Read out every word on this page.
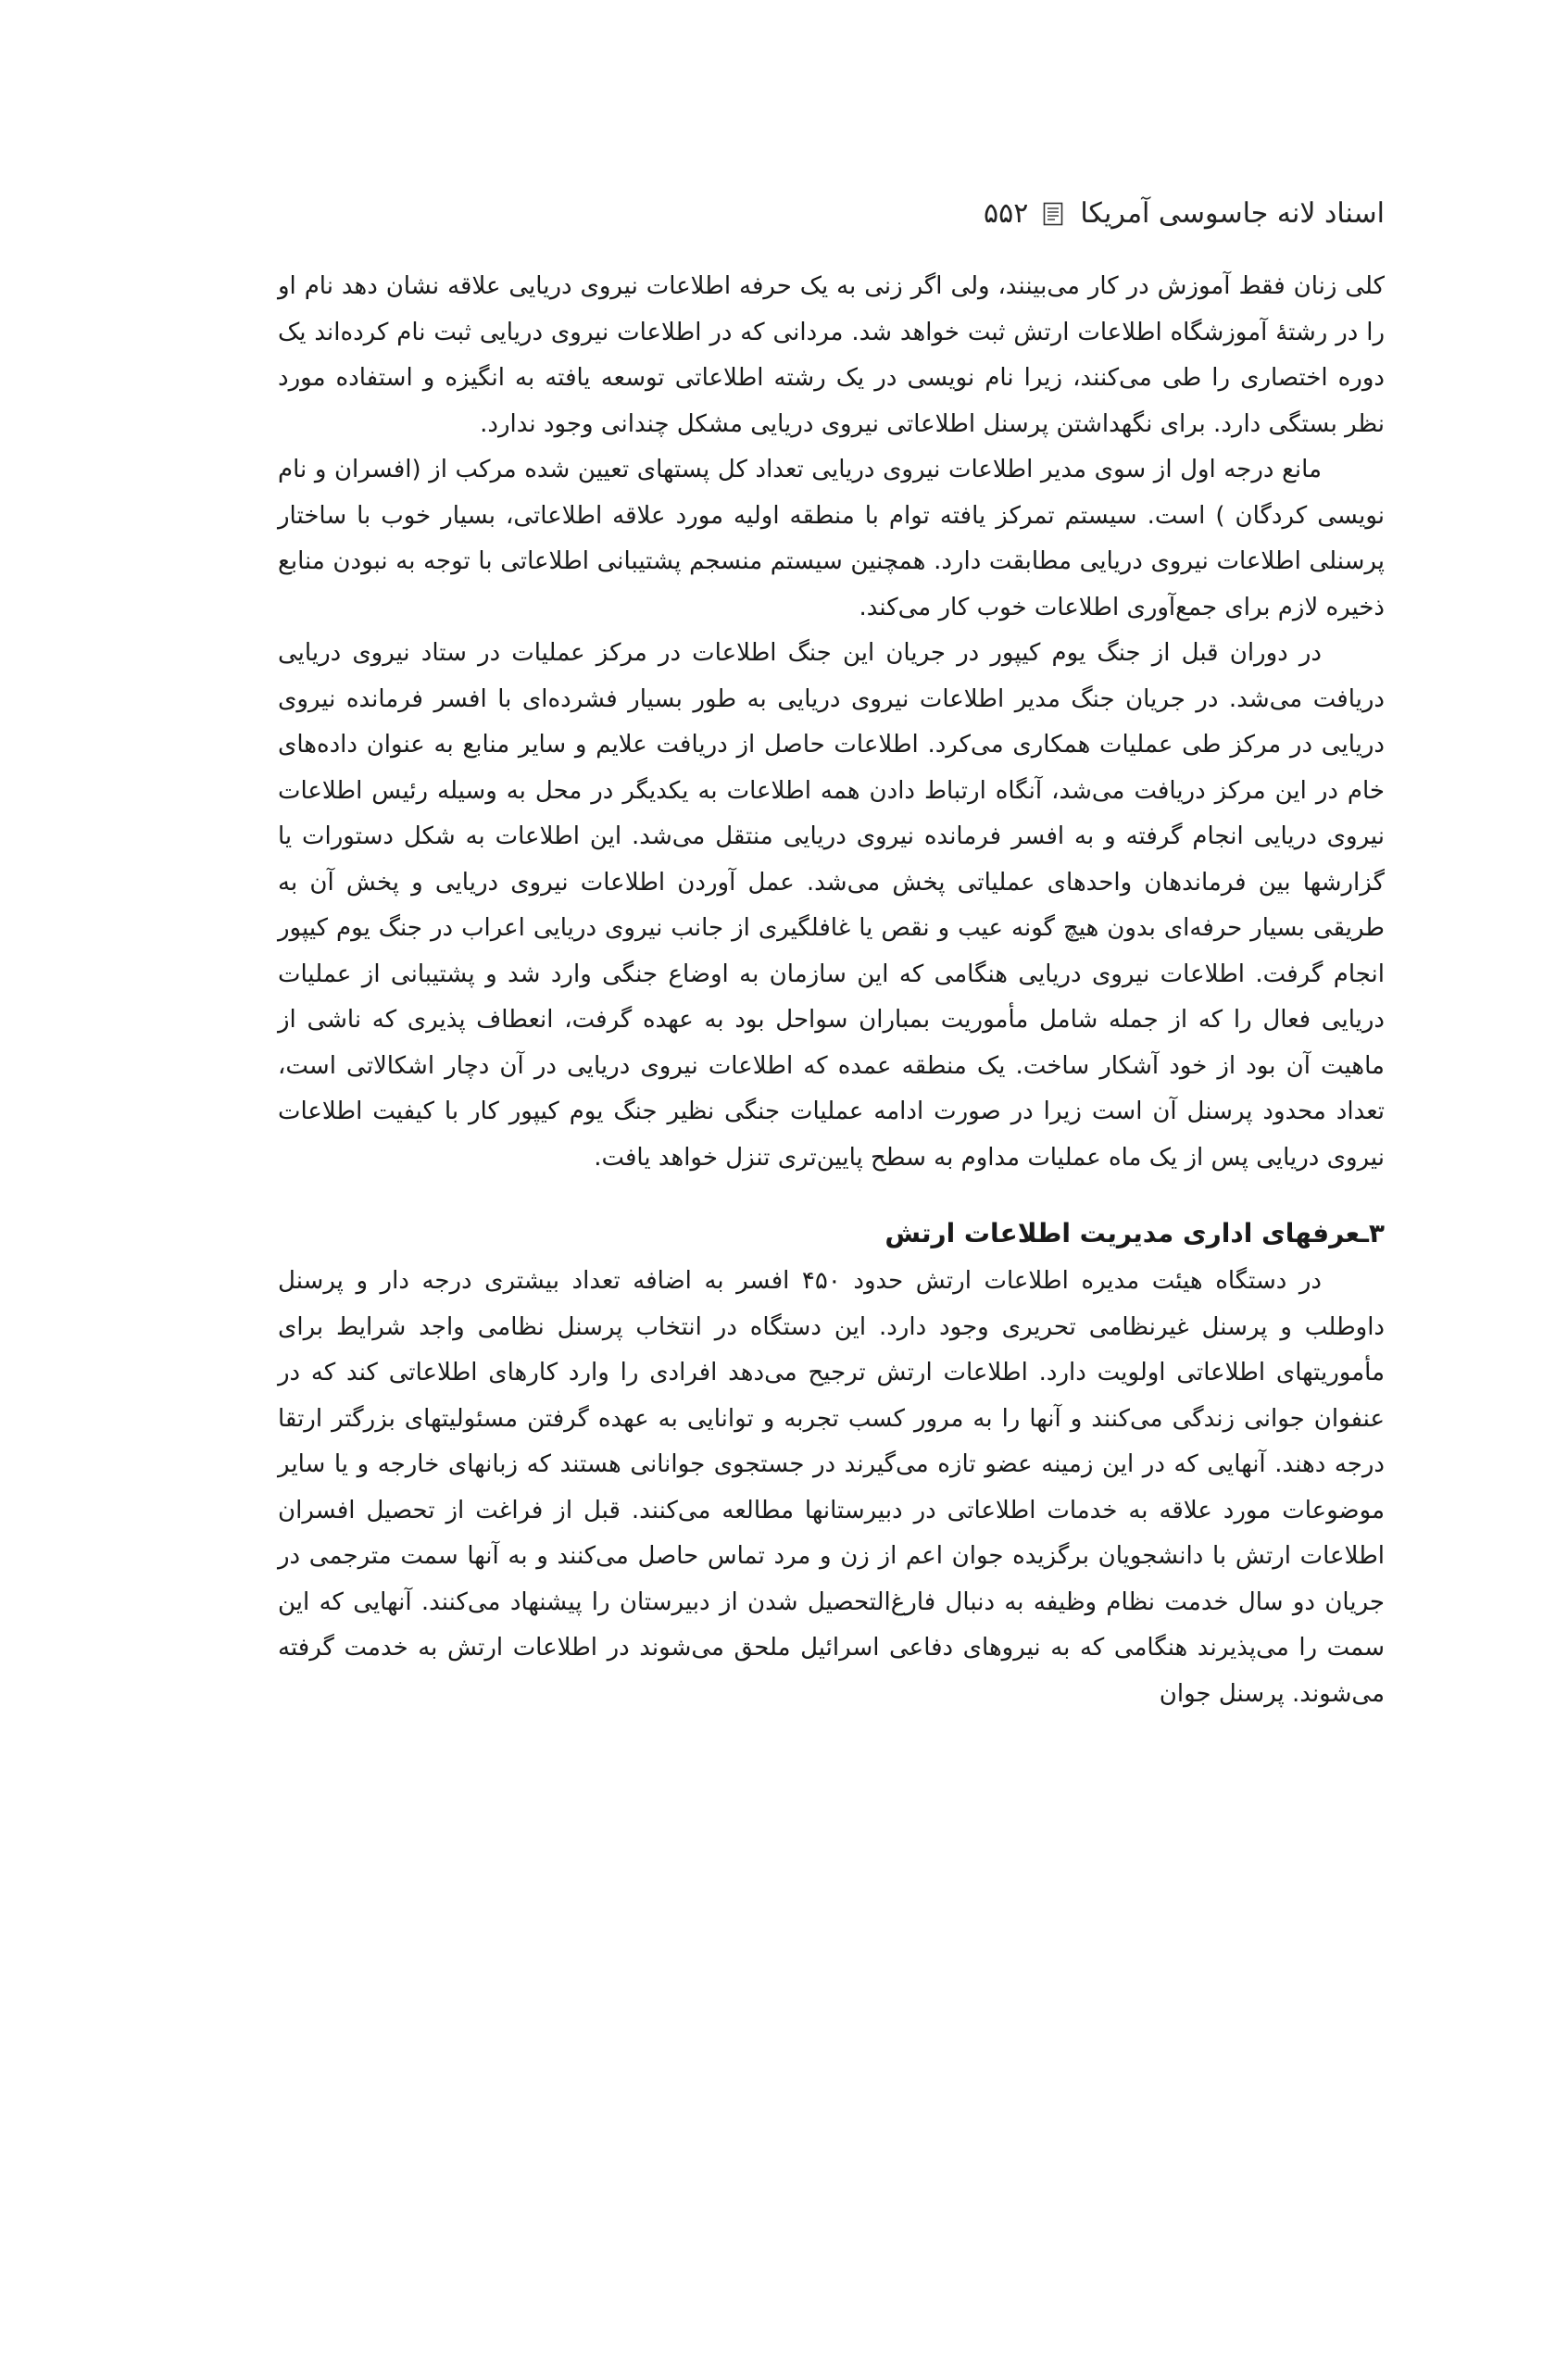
اسناد لانه جاسوسی آمریکا
۵۵۲

کلی زنان فقط آموزش در کار می‌بینند، ولی اگر زنی به یک حرفه اطلاعات نیروی دریایی علاقه نشان دهد نام او را در رشتهٔ آموزشگاه اطلاعات ارتش ثبت خواهد شد. مردانی که در اطلاعات نیروی دریایی ثبت نام کرده‌اند یک دوره اختصاری را طی می‌کنند، زیرا نام نویسی در یک رشته اطلاعاتی توسعه یافته به انگیزه و استفاده مورد نظر بستگی دارد. برای نگهداشتن پرسنل اطلاعاتی نیروی دریایی مشکل چندانی وجود ندارد.

مانع درجه اول از سوی مدیر اطلاعات نیروی دریایی تعداد کل پستهای تعیین شده مرکب از (افسران و نام نویسی کردگان ) است. سیستم تمرکز یافته توام با منطقه اولیه مورد علاقه اطلاعاتی، بسیار خوب با ساختار پرسنلی اطلاعات نیروی دریایی مطابقت دارد. همچنین سیستم منسجم پشتیبانی اطلاعاتی با توجه به نبودن منابع ذخیره لازم برای جمع‌آوری اطلاعات خوب کار می‌کند.

در دوران قبل از جنگ یوم کیپور در جریان این جنگ اطلاعات در مرکز عملیات در ستاد نیروی دریایی دریافت می‌شد. در جریان جنگ مدیر اطلاعات نیروی دریایی به طور بسیار فشرده‌ای با افسر فرمانده نیروی دریایی در مرکز طی عملیات همکاری می‌کرد. اطلاعات حاصل از دریافت علایم و سایر منابع به عنوان داده‌های خام در این مرکز دریافت می‌شد، آنگاه ارتباط دادن همه اطلاعات به یکدیگر در محل به وسیله رئیس اطلاعات نیروی دریایی انجام گرفته و به افسر فرمانده نیروی دریایی منتقل می‌شد. این اطلاعات به شکل دستورات یا گزارشها بین فرماندهان واحدهای عملیاتی پخش می‌شد. عمل آوردن اطلاعات نیروی دریایی و پخش آن به طریقی بسیار حرفه‌ای بدون هیچ گونه عیب و نقص یا غافلگیری از جانب نیروی دریایی اعراب در جنگ یوم کیپور انجام گرفت. اطلاعات نیروی دریایی هنگامی که این سازمان به اوضاع جنگی وارد شد و پشتیبانی از عملیات دریایی فعال را که از جمله شامل مأموریت بمباران سواحل بود به عهده گرفت، انعطاف پذیری که ناشی از ماهیت آن بود از خود آشکار ساخت. یک منطقه عمده که اطلاعات نیروی دریایی در آن دچار اشکالاتی است، تعداد محدود پرسنل آن است زیرا در صورت ادامه عملیات جنگی نظیر جنگ یوم کیپور کار با کیفیت اطلاعات نیروی دریایی پس از یک ماه عملیات مداوم به سطح پایین‌تری تنزل خواهد یافت.

۳ـعرفهای اداری مدیریت اطلاعات ارتش

در دستگاه هیئت مدیره اطلاعات ارتش حدود ۴۵۰ افسر به اضافه تعداد بیشتری درجه دار و پرسنل داوطلب و پرسنل غیرنظامی تحریری وجود دارد. این دستگاه در انتخاب پرسنل نظامی واجد شرایط برای مأموریتهای اطلاعاتی اولویت دارد. اطلاعات ارتش ترجیح می‌دهد افرادی را وارد کارهای اطلاعاتی کند که در عنفوان جوانی زندگی می‌کنند و آنها را به مرور کسب تجربه و توانایی به عهده گرفتن مسئولیتهای بزرگتر ارتقا درجه دهند. آنهایی که در این زمینه عضو تازه می‌گیرند در جستجوی جوانانی هستند که زبانهای خارجه و یا سایر موضوعات مورد علاقه به خدمات اطلاعاتی در دبیرستانها مطالعه می‌کنند. قبل از فراغت از تحصیل افسران اطلاعات ارتش با دانشجویان برگزیده جوان اعم از زن و مرد تماس حاصل می‌کنند و به آنها سمت مترجمی در جریان دو سال خدمت نظام وظیفه به دنبال فارغ‌التحصیل شدن از دبیرستان را پیشنهاد می‌کنند. آنهایی که این سمت را می‌پذیرند هنگامی که به نیروهای دفاعی اسرائیل ملحق می‌شوند در اطلاعات ارتش به خدمت گرفته می‌شوند. پرسنل جوان
